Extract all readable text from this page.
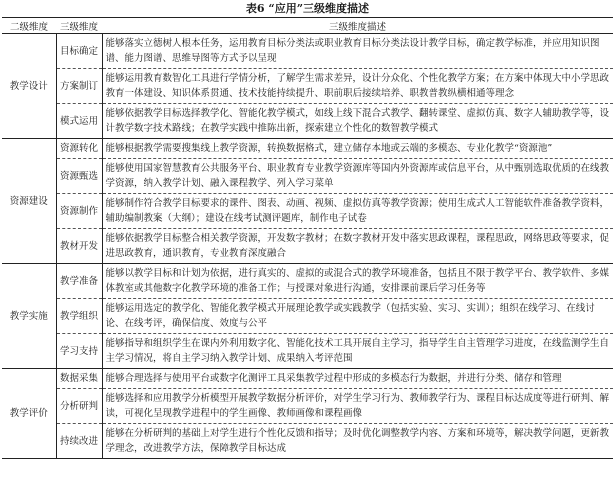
表6 “应用”三级维度描述
二级维度	三级维度	三级维度描述
教学设计	目标确定	能够落实立德树人根本任务，运用教育目标分类法或职业教育目标分类法设计教学目标，确定教学标准，并应用知识图谱、能力图谱、思维导图等方式予以呈现
	方案制订	能够运用教育数智化工具进行学情分析，了解学生需求差异，设计分众化、个性化教学方案；在方案中体现大中小学思政教育一体建设、知识体系贯通、技术技能持续提升、职前职后接续培养、职教普教纵横相通等理念
	模式运用	能够依据教学目标选择教学化、智能化教学模式，如线上线下混合式教学、翻转课堂、虚拟仿真、数字人辅助教学等，设计教学数字技术路线；在教学实践中推陈出新，探索建立个性化的数智教学模式
资源建设	资源转化	能够根据教学需要搜集线上教学资源，转换数据格式，建立储存本地或云端的多模态、专业化教学“资源池”
	资源甄选	能够使用国家智慧教育公共服务平台、职业教育专业教学资源库等国内外资源库或信息平台，从中甄别选取优质的在线教学资源，纳入教学计划、融入课程教学、列入学习菜单
	资源制作	能够制作符合教学目标要求的课件、图表、动画、视频、虚拟仿真等教学资源；使用生成式人工智能软件准备教学资料，辅助编制教案（大纲）；建设在线考试测评题库，制作电子试卷
	教材开发	能够依据教学目标整合相关教学资源，开发数字教材；在数字教材开发中落实思政课程，课程思政，网络思政等要求，促进思政教育，通识教育，专业教育深度融合
教学实施	教学准备	能够以教学目标和计划为依据，进行真实的、虚拟的或混合式的教学环境准备，包括且不限于教学平台、教学软件、多媒体教室或其他数字化教学环境的准备工作；与授课对象进行沟通，安排课前课后学习任务等
	教学组织	能够运用选定的教学化、智能化教学模式开展理论教学或实践教学（包括实验、实习、实训）；组织在线学习、在线讨论、在线考评，确保信度、效度与公平
	学习支持	能够指导和组织学生在课内外利用数字化、智能化技术工具开展自主学习，指导学生自主管理学习进度，在线监测学生自主学习情况，将自主学习纳入教学计划、成果纳入考评范围
教学评价	数据采集	能够合理选择与使用平台或数字化测评工具采集教学过程中形成的多模态行为数据，并进行分类、储存和管理
	分析研判	能够选择和应用教学分析模型开展教学数据分析评价，对学生学习行为、教师教学行为、课程目标达成度等进行研判、解读，可视化呈现教学进程中的学生画像、教师画像和课程画像
	持续改进	能够在分析研判的基础上对学生进行个性化反馈和指导；及时优化调整教学内容、方案和环境等，解决教学问题，更新教学理念，改进教学方法，保障教学目标达成
